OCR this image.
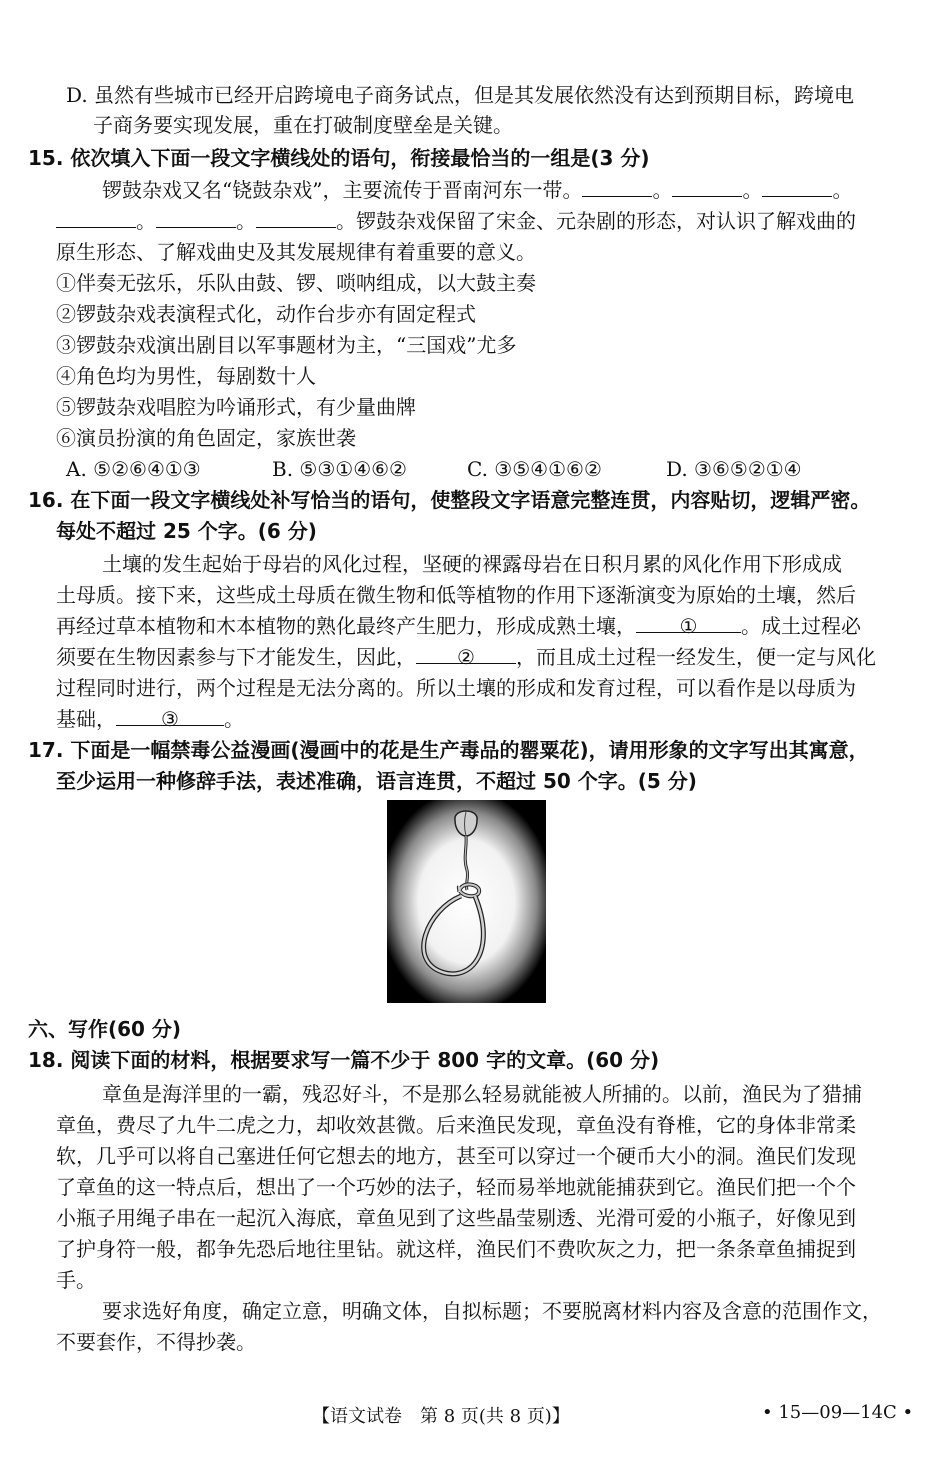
D. 虽然有些城市已经开启跨境电子商务试点，但是其发展依然没有达到预期目标，跨境电
子商务要实现发展，重在打破制度壁垒是关键。
15. 依次填入下面一段文字横线处的语句，衔接最恰当的一组是(3 分)
锣鼓杂戏又名“铙鼓杂戏”，主要流传于晋南河东一带。	。	。	。
。	。	。锣鼓杂戏保留了宋金、元杂剧的形态，对认识了解戏曲的
原生形态、了解戏曲史及其发展规律有着重要的意义。
①伴奏无弦乐，乐队由鼓、锣、唢呐组成，以大鼓主奏
②锣鼓杂戏表演程式化，动作台步亦有固定程式
③锣鼓杂戏演出剧目以军事题材为主，“三国戏”尤多
④角色均为男性，每剧数十人
⑤锣鼓杂戏唱腔为吟诵形式，有少量曲牌
⑥演员扮演的角色固定，家族世袭
A. ⑤②⑥④①③	B. ⑤③①④⑥②	C. ③⑤④①⑥②	D. ③⑥⑤②①④
16. 在下面一段文字横线处补写恰当的语句，使整段文字语意完整连贯，内容贴切，逻辑严密。
每处不超过 25 个字。(6 分)
土壤的发生起始于母岩的风化过程，坚硬的裸露母岩在日积月累的风化作用下形成成
土母质。接下来，这些成土母质在微生物和低等植物的作用下逐渐演变为原始的土壤，然后
再经过草本植物和木本植物的熟化最终产生肥力，形成成熟土壤， ① 。成土过程必
须要在生物因素参与下才能发生，因此， ② ，而且成土过程一经发生，便一定与风化
过程同时进行，两个过程是无法分离的。所以土壤的形成和发育过程，可以看作是以母质为
基础， ③ 。
17. 下面是一幅禁毒公益漫画(漫画中的花是生产毒品的罂粟花)，请用形象的文字写出其寓意，
至少运用一种修辞手法，表述准确，语言连贯，不超过 50 个字。(5 分)
六、写作(60 分)
18. 阅读下面的材料，根据要求写一篇不少于 800 字的文章。(60 分)
章鱼是海洋里的一霸，残忍好斗，不是那么轻易就能被人所捕的。以前，渔民为了猎捕
章鱼，费尽了九牛二虎之力，却收效甚微。后来渔民发现，章鱼没有脊椎，它的身体非常柔
软，几乎可以将自己塞进任何它想去的地方，甚至可以穿过一个硬币大小的洞。渔民们发现
了章鱼的这一特点后，想出了一个巧妙的法子，轻而易举地就能捕获到它。渔民们把一个个
小瓶子用绳子串在一起沉入海底，章鱼见到了这些晶莹剔透、光滑可爱的小瓶子，好像见到
了护身符一般，都争先恐后地往里钻。就这样，渔民们不费吹灰之力，把一条条章鱼捕捉到
手。
要求选好角度，确定立意，明确文体，自拟标题；不要脱离材料内容及含意的范围作文，
不要套作，不得抄袭。
【语文试卷　第 8 页(共 8 页)】	• 15—09—14C •
